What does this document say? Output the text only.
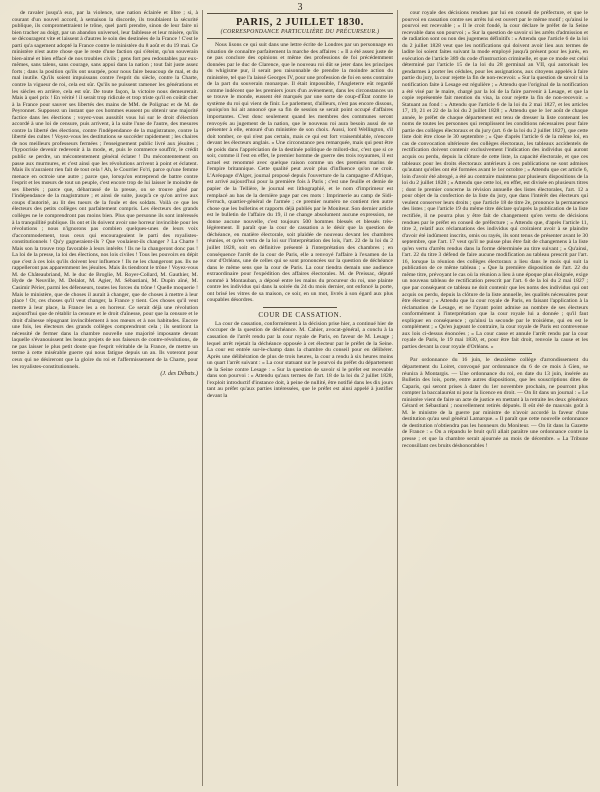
3

de ravaler jusqu'à eux, par la violence, une nation éclairée et libre ; si, à courant d'un nouvel accord, à semaison la discorde, ils troublaient la sécurité publique, ils compromettraient le trône, quel parti prendre, sinon de leur faire ni bien tracher au doigt, par un abandon universel, leur faiblesse et leur misère, qu'ils se découragent vite et laissent à d'autres le soin des destinées de la France ! C'est le parti qu'a sagement adopté la France contre le ministère du 8 août et du 19 mai. Ce ministère n'est autre chose que le reste d'une faction qui s'éteint, qu'un souverain bien-aimé et bien effacé de nos troubles civils ; gens fort peu redoutables par eux-mêmes, sans talens, sans courage, sans appui dans la nation ; tout fait juste assez forts ; dans la position qu'ils ont usurpée, pour nous faire beaucoup de mal, et du mal inutile. Qu'ils soient impuissans contre l'esprit du siècle, contre la Charte, contre la vigueur de roi, cela est sûr. Qu'ils ne puissent ramener les générations et les siècles en arrière, cela est sûr. De toute façon, la victoire nous demeurerait. Mais à quel prix ! En vérité ! il serait trop ridicule et trop triste qu'il en coûtât cher à la France pour sauver ses libertés des mains de MM. de Polignac et de M. de Peyronnet. Supposez un instant que ces hommes eussent pu obtenir une majorité factice dans les élections ; voyez-vous aussitôt vous lui sur le droit d'élection accordé à une loi de censure, puis arrivent, à la suite l'une de l'autre, des mesures contre la liberté des élections, contre l'indépendance de la magistrature, contre la liberté des cultes ! Voyez-vous les destitutions se succéder rapidement ; les chaires de nos meilleurs professeurs fermées ; l'enseignement public livré aux jésuites ; l'hypocrisie devenir redevenir à la mode, et, puis le commerce souffrir, le crédit public se perdre, un mécontentement général éclater ! Du mécontentement on passe aux murmures, et c'est ainsi que les révolutions arrivent à point et éclatent. Mais ils n'auraient rien fait de tout cela ! Ah, le Courrier Fo'ri, parce qu'une femme menace en octroie une autre ; parce que, lorsqu'on entreprend de battre contre l'esprit et les mœurs de tout un peuple, c'est encore trop de lui laisser le moindre de ses libertés ; parce que, débarrassé de la presse, on se trouve gêné par l'indépendance de la magistrature ; et ainsi de suite, jusqu'à ce qu'on arrive aux coups d'autorité, au lit des tueurs de la foule et des soldats. Voilà ce que les électeurs des petits collèges ont parfaitement compris. Les électeurs des grands collèges ne le comprendront pas moins bien. Plus que personne ils sont intéressés à la tranquillité publique. Ils ont et ils doivent avoir une horreur invincible pour les révolutions ; nous n'ignorons pas combien quelques-unes de leurs voix d'accommodement, tous ceux qui encourageaient le parti des royalistes-constitutionnels ! Qu'y gagneraient-ils ? Que voulaient-ils changer ? La Charte ! Mais son la trouve trop favorable à leurs intérêts ! Ils ne la changeront donc pas ! La loi de la presse, la loi des élections, nos lois civiles ! Tous les pouvoirs en dépit que c'est à ces lois qu'ils doivent leur influence ! Ils ne les changeront pas. Ils ne rappelleront pas apparemment les jésuites. Mais ils tiendront le trône ! Voyez-vous M. de Châteaubriand, M. le duc de Broglie, M. Royer-Collard, M. Gauthier, M. Hyde de Neuville, M. Delalot, M. Agier, M. Sébastiani, M. Dupin aîné, M. Casimir Périer, parmi les défenseurs, toutes les forces du trône ! Quelle moquerie ! Mais le ministère, que de choses il aurait à changer, que de choses à mettre à leur place ! Or, ces choses qu'il veut changer, la France y tient. Ces choses qu'il veut mettre à leur place, la France les a en horreur. Ce serait déjà une révolution aujourd'hui que de rétablir la censure et le droit d'aînesse, pour que la censure et le droit d'aînesse répugnant invinciblement à nos mœurs et à nos habitudes. Encore une fois, les électeurs des grands collèges comprendront cela ; ils sentiront la nécessité de fermer dans la chambre nouvelle une majorité imposante devant laquelle s'évanouissent les beaux projets de nos faiseurs de contre-révolutions, de ne pas laisser le plus petit doute que l'esprit véritable de la France, de mettre un terme à cette misérable guerre qui nous fatigue depuis un an. Ils voteront pour ceux qui ne désireront que la gloire du roi et l'affermissement de la Charte, pour les royalistes-constitutionnels.

(J. des Débats.)
PARIS, 2 JUILLET 1830.
(CORRESPONDANCE PARTICULIÈRE DU PRÉCURSEUR.)

Nous lisons ce qui suit dans une lettre écrite de Londres par un personnage en situation de connaître parfaitement la marche des affaires : « Il a été assez juste de ne pas conclure des opinions et même des professions de foi précédemment données par le duc de Clarence, que le nouveau roi dût se jeter dans les principes du whigisme pur, il serait peu raisonnable de prendre la moindre action du ministère, tel que l'a laissé Georges IV, pour une profession de foi en sens contraire de la part du souverain monarque. Il était impossible, l'Angleterre eût regardé comme indécent que les premiers jours d'un avènement, dans les circonstances un se trouve le monde, eussent été marqués par une sorte de coup-d'État contre le système du roi qui vient de finir. Le parlement, d'ailleurs, n'est pas encore dissous, quoiqu'on lui ait annoncé que sa fin de session se serait point occupé d'affaires importantes. C'est donc seulement quand les membres des communes seront renvoyés au jugement de la nation, que le nouveau roi aura besoin aussi de se présenter à elle, entouré d'un ministère de son choix. Aussi, lord Wellington, s'il doit tomber, ce qui n'est pas certain, mais ce qui est fort vraisemblable, n'encore devant les électeurs anglais. » Une circonstance peu remarquée, mais qui peut être de poids dans l'appréciation de la destinée politique de milord-duc, c'est que si ce soir, comme il l'est en effet, le premier homme de guerre des trois royaumes, il est actuel est renommé avec quelque raison comme un des premiers marins de l'empire britannique. Cette qualité peut avoir plus d'influence qu'on ne croit. L'Aréopage d'Alger, journal proposé depuis l'ouverture de la campagne d'Afrique, est arrivé aujourd'hui pour la première fois à Paris ; c'est une feuille et demie de papier de la Tellière, le journal est lithographié, et le nom d'imprimeur est remplacé au bas de la dernière page par ces mots : Imprimerie au camp de Sidi-Ferruch, quartier-général de l'armée ; ce premier numéro ne contient rien autre chose que les bulletins et rapports déjà publiés par le Moniteur. Son dernier article est le bulletin de l'affaire du 19, il ne change absolument aucune expression, ne donne aucune nouvelle, c'est toujours 500 hommes blessés et blessés très-légèrement. Il paraît que la cour de cassation a le désir que la question de déchéance, en matière électorale, soit plaidée de nouveau devant les chambres réunies, et qu'en vertu de la loi sur l'interprétation des lois, l'art. 22 de la loi du 2 juillet 1828, soit en définitive présenté à l'interprétation des chambres ; en conséquence l'arrêt de la cour de Paris, elle a renvoyé l'affaire à l'examen de la cour d'Orléans, une de celles qui se sont prononcées sur la question de déchéance dans le même sens que la cour de Paris. La cour tiendra demain une audience extraordinaire pour l'expédition des affaires électorales. M. de Preissac, député nommé à Montauban, a déposé entre les mains du procureur du roi, une plainte contre les individus qui dans la soirée du 24 du mois dernier, ont enfoncé la porte, ont brisé les vitres de sa maison, ce soir, en un mot, livrés à son égard aux plus coupables désordres.

COUR DE CASSATION.

La cour de cassation, conformément à la décision prise hier, a continué hier de s'occuper de la question de déchéance. M. Cahier, avocat-général, a conclu à la cassation de l'arrêt rendu par la cour royale de Paris, en faveur de M. Lesage ; lequel arrêt rejetait la déchéance opposée à cet électeur par le préfet de la Seine. La cour est entrée sur-le-champ dans la chambre du conseil pour en délibérer. Après une délibération de plus de trois heures, la cour a rendu à six heures moins un quart l'arrêt suivant : « La cour statuant sur le pourvoi du préfet du département de la Seine contre Lesage : « Sur la question de savoir si le préfet est recevable dans son pourvoi : « Attendu qu'aux termes de l'art. 18 de la loi du 2 juillet 1828, l'exploit introductif d'instance doit, à peine de nullité, être notifié dans les dix jours tant au préfet qu'aux parties intéressées, que le préfet est ainsi appelé à justifier devant la

cour royale des décisions rendues par lui en conseil de préfecture, et que le pourvoi en cassation contre ses arrêts lui est ouvert par le même motif ; qu'ainsi le pourvoi est recevable ; « Il le croit fondé, la cour déclare le préfet de la Seine recevable dans son pourvoi ; « Sur la question de savoir si les arrêts d'admission et de radiation sont ou non des jugemens définitifs : « Attendu que l'article 6 de la loi du 2 juillet 1828 veut que les notifications qui doivent avoir lieu aux termes de ladite loi soient faites suivant la mode employé jusqu'à présent pour les jurés, en exécution de l'article 389 du code d'instruction criminelle, et que ce mode est celui déterminé par l'article 15 de la loi du 28 germinal an VII, qui autorisait les gendarmes à porter les cédules, pour les assignations, aux citoyens appelés à faire partie du jury, la cour rejette la fin de non-recevoir. « Sur la question de savoir si la notification faite à Lesage est régulière ; « Attendu que l'original de la notification a été visé par le maire, chargé par la loi de la faire parvenir à Lesage, et que la copie représentée fait mention du visa, la cour rejette la fin de non-recevoir. « Statuant au fond : « Attendu que l'article 6 de la loi du 2 mai 1827, et les articles 17, 19, 21 et 22 de la loi du 2 juillet 1828 ; « Attendu que le 1er août de chaque année, le préfet de chaque département est tenu de dresser la liste contenant les noms de toutes les personnes qui remplissent les conditions nécessaires pour faire partie des collèges électoraux et du jury (art. 6 de la loi du 2 juillet 1827), que cette liste doit être close le 30 septembre ; « Que d'après l'article 6 de la même loi, en cas de convocation ultérieure des collèges électoraux, les tableaux accidentels de rectification doivent contenir exclusivement l'indication des individus qui auront acquis ou perdu, depuis la clôture de cette liste, la capacité électorale, et que ces tableaux pour les droits électoraux antérieurs à ces publications ne sont admises qu'autant qu'elles ont été formées avant le 1er octobre ; « Attendu que cet article 6, loin d'avoir été abrogé, a été au contraire maintenu par plusieurs dispositions de la loi du 2 juillet 1828 ; « Attendu que cette loi, en effet, est divisée en plusieurs titres ; dont le premier concerne la révision annuelle des listes électorales, l'art. 12 a pour objet de la confection de la liste du jury, que dans l'intérêt des électeurs qui veulent conserver leurs droits ; que l'article 18 de titre 2e, prononce la permanence des listes ; que l'article 19 du même titre déclare qu'après la publication de la liste rectifiée, il ne pourra plus y être fait de changement qu'en vertu de décisions rendues par le préfet en conseil de préfecture ; « Attendu que, d'après l'article 11, titre 2, relatif aux réclamations des individus qui croiraient avoir à se plaindre d'avoir été indûment inscrits, omis ou rayés, ils sont tenus de présenter avant le 30 septembre, que l'art. 17 veut qu'il ne puisse plus être fait de changemens à la liste qu'en vertu d'arrêts rendus dans la forme déterminée au titre suivant ; « Qu'ainsi, l'art. 22 du titre 3 défend de faire aucune modification au tableau prescrit par l'art. 16, lorsque la réunion des collèges électoraux a lieu dans le mois qui suit la publication de ce même tableau ; « Que la première disposition de l'art. 22 du même titre, prévoyant le cas où la réunion a lieu à une époque plus éloignée, exige un nouveau tableau de rectification prescrit par l'art. 6 de la loi du 2 mai 1827 ; que par conséquent ce tableau ne doit contenir que les noms des individus qui ont acquis ou perdu, depuis la clôture de la liste annuelle, les qualités nécessaires pour être électeur ; « Attendu que la cour royale de Paris, en faisant l'application à la réclamation de Lesage, et ne l'ayant point admise au nombre de ses électeurs conformément à l'interprétation que la cour royale lui a donnée ; qu'il faut expliquer en conséquence ; qu'ainsi la seconde par le troisième, qui en est le complément ; « Qu'en jugeant le contraire, la cour royale de Paris est contrevenue aux lois ci-dessus énoncées ; « La cour casse et annule l'arrêt rendu par la cour royale de Paris, le 19 mai 1830, et, pour être fait droit, renvoie la cause et les parties devant la cour royale d'Orléans. »

Par ordonnance du 16 juin, le deuxième collège d'arrondissement du département du Loiret, convoqué par ordonnance du 6 de ce mois à Gien, se réunira à Montargis. — Une ordonnance du roi, en date du 13 juin, insérée au Bulletin des lois, porte, entre autres dispositions, que les souscriptions dites de Caparis, qui seront prises à dater du 1er novembre prochain, ne pourront plus compter la baccalauréat ni pour la licence en droit. — On lit dans un journal : « Le ministère vient de faire un acte de justice en mettant à la retraite les deux généraux Gérard et Sébastiani ; nouvellement retirés députés. Il eût été de mauvais goût à M. le ministre de la guerre par ministre de n'avoir accordé la faveur d'une destitution qu'au seul général Lamarque. » Il paraît que cette nouvelle ordonnance de destitution n'obtiendra pas les honneurs du Moniteur. — On lit dans la Gazette de France : « On a répandu le bruit qu'il allait paraître une ordonnance contre la presse ; et que la chambre serait ajournée au mois de décembre. « La Tribune reconsillant ces bruits déshonorables !
